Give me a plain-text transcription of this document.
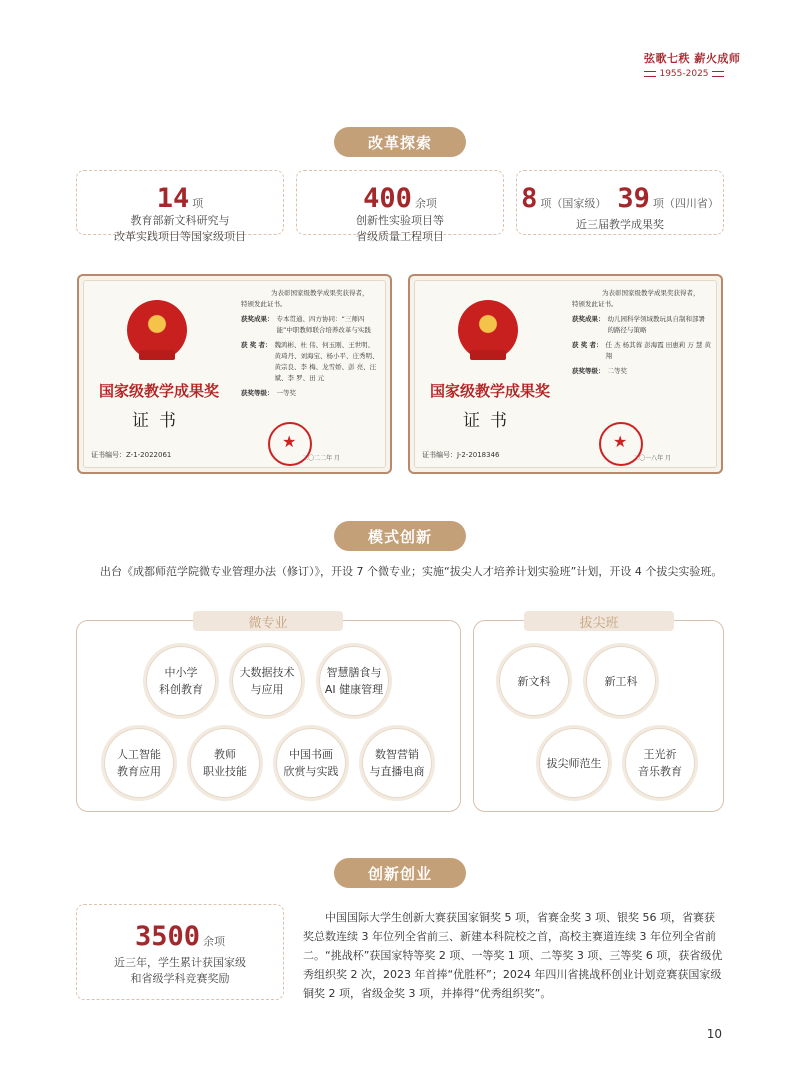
弦歌七秩 薪火成师
1955-2025
改革探索
14 项
教育部新文科研究与
改革实践项目等国家级项目
400 余项
创新性实验项目等
省级质量工程项目
8 项（国家级） 39 项（四川省）
近三届教学成果奖
国家级教学成果奖
证书
证书编号：Z-1-2022061
为表彰国家级教学成果奖获得者，
特颁发此证书。
获奖成果： 专本贯通、四方协同：“三师四能”中职教师联合培养改革与实践
获 奖 者： 魏鸿彬、杜 伟、何玉刚、王世明、黄琦丹、刘海宝、杨小平、庄秀明、黄宗良、李 梅、龙雪娇、彭 亮、汪 斌、李 罗、田 元
获奖等级： 一等奖
★
二〇二二年 月
国家级教学成果奖
证书
证书编号：J-2-2018346
为表彰国家级教学成果奖获得者，
特颁发此证书。
获奖成果： 幼儿园科学领域教玩具自制和部署的路径与策略
获 奖 者： 任 杰 杨其蓉 彭海霞 田惠莉 万 慧 黄 翔
获奖等级： 二等奖
★
二〇一八年 月
模式创新
出台《成都师范学院微专业管理办法（修订）》，开设 7 个微专业；实施“拔尖人才培养计划实验班”计划，开设 4 个拔尖实验班。
微专业
中小学
科创教育
大数据技术
与应用
智慧膳食与
AI 健康管理
人工智能
教育应用
教师
职业技能
中国书画
欣赏与实践
数智营销
与直播电商
拔尖班
新文科	新工科
拔尖师范生
王光祈
音乐教育
创新创业
3500 余项
近三年，学生累计获国家级
和省级学科竞赛奖励
中国国际大学生创新大赛获国家铜奖 5 项，省赛金奖 3 项、银奖 56 项，省赛获奖总数连续 3 年位列全省前三、新建本科院校之首，高校主赛道连续 3 年位列全省前二。“挑战杯”获国家特等奖 2 项、一等奖 1 项、二等奖 3 项、三等奖 6 项，获省级优秀组织奖 2 次，2023 年首捧“优胜杯”；2024 年四川省挑战杯创业计划竞赛获国家级铜奖 2 项，省级金奖 3 项，并捧得“优秀组织奖”。
10
